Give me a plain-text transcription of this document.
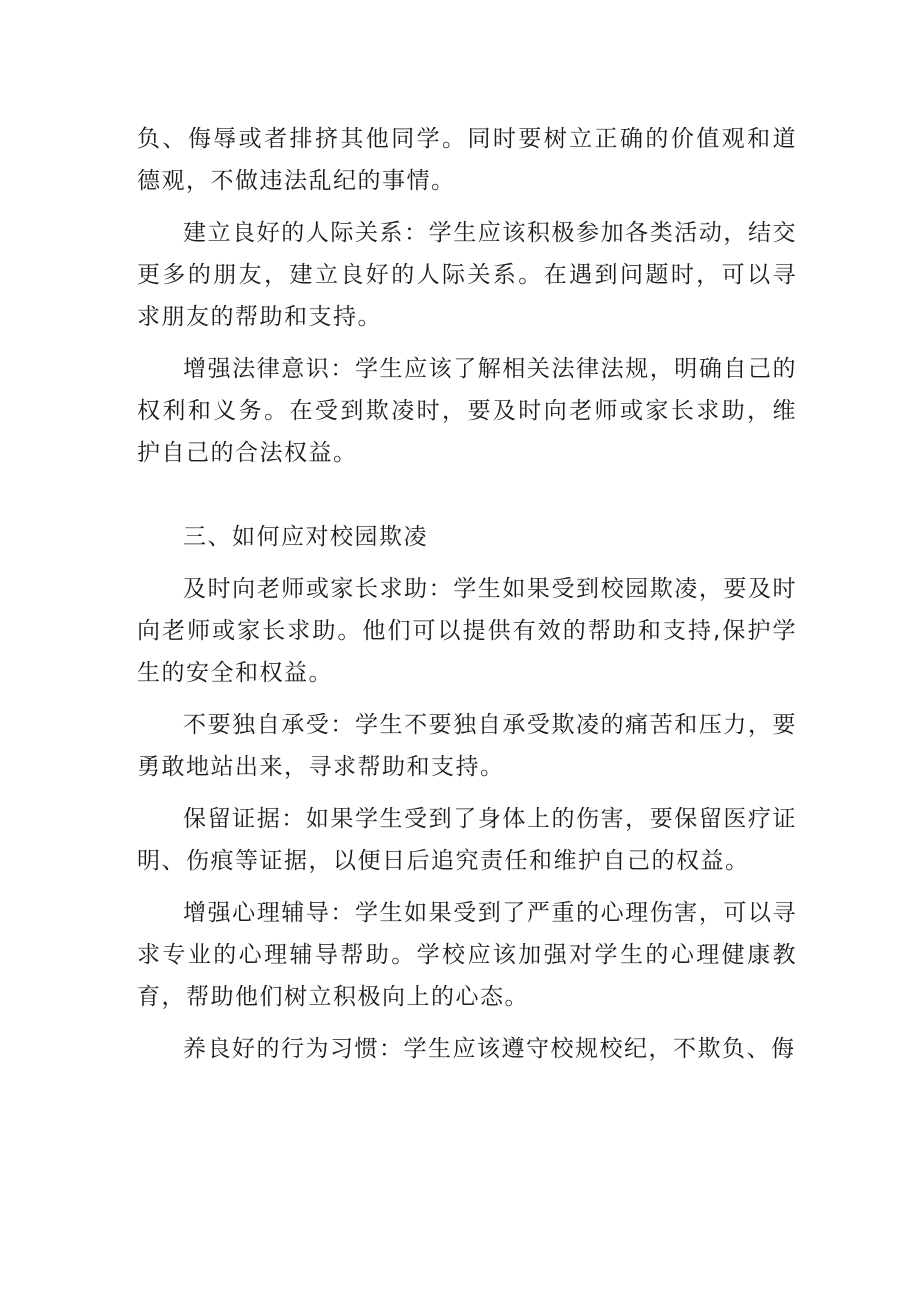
负、侮辱或者排挤其他同学。同时要树立正确的价值观和道德观，不做违法乱纪的事情。

建立良好的人际关系：学生应该积极参加各类活动，结交更多的朋友，建立良好的人际关系。在遇到问题时，可以寻求朋友的帮助和支持。

增强法律意识：学生应该了解相关法律法规，明确自己的权利和义务。在受到欺凌时，要及时向老师或家长求助，维护自己的合法权益。

三、如何应对校园欺凌

及时向老师或家长求助：学生如果受到校园欺凌，要及时向老师或家长求助。他们可以提供有效的帮助和支持,保护学生的安全和权益。

不要独自承受：学生不要独自承受欺凌的痛苦和压力，要勇敢地站出来，寻求帮助和支持。

保留证据：如果学生受到了身体上的伤害，要保留医疗证明、伤痕等证据，以便日后追究责任和维护自己的权益。

增强心理辅导：学生如果受到了严重的心理伤害，可以寻求专业的心理辅导帮助。学校应该加强对学生的心理健康教育，帮助他们树立积极向上的心态。

养良好的行为习惯：学生应该遵守校规校纪，不欺负、侮
